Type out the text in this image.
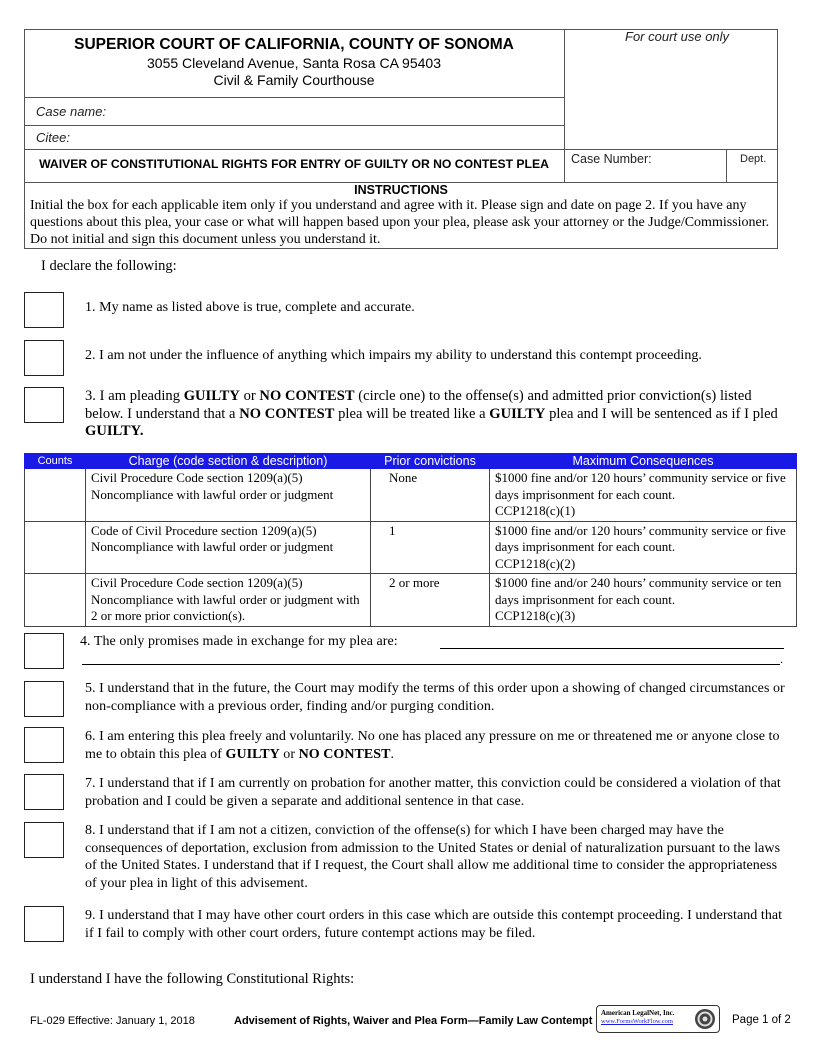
SUPERIOR COURT OF CALIFORNIA, COUNTY OF SONOMA
3055 Cleveland Avenue, Santa Rosa CA 95403
Civil & Family Courthouse
For court use only
Case name:
Citee:
WAIVER OF CONSTITUTIONAL RIGHTS FOR ENTRY OF GUILTY OR NO CONTEST PLEA	Case Number:	Dept.
INSTRUCTIONS
Initial the box for each applicable item only if you understand and agree with it. Please sign and date on page 2. If you have any questions about this plea, your case or what will happen based upon your plea, please ask your attorney or the Judge/Commissioner. Do not initial and sign this document unless you understand it.
I declare the following:
1. My name as listed above is true, complete and accurate.
2. I am not under the influence of anything which impairs my ability to understand this contempt proceeding.
3. I am pleading GUILTY or NO CONTEST (circle one) to the offense(s) and admitted prior conviction(s) listed below. I understand that a NO CONTEST plea will be treated like a GUILTY plea and I will be sentenced as if I pled GUILTY.
Counts	Charge (code section & description)	Prior convictions	Maximum Consequences
	Civil Procedure Code section 1209(a)(5)
Noncompliance with lawful order or judgment	None	$1000 fine and/or 120 hours’ community service or five days imprisonment for each count.
CCP1218(c)(1)
	Code of Civil Procedure section 1209(a)(5)
Noncompliance with lawful order or judgment	1	$1000 fine and/or 120 hours’ community service or five days imprisonment for each count.
CCP1218(c)(2)
	Civil Procedure Code section 1209(a)(5)
Noncompliance with lawful order or judgment with 2 or more prior conviction(s).	2 or more	$1000 fine and/or 240 hours’ community service or ten days imprisonment for each count.
CCP1218(c)(3)
4. The only promises made in exchange for my plea are:
.
5. I understand that in the future, the Court may modify the terms of this order upon a showing of changed circumstances or non-compliance with a previous order, finding and/or purging condition.
6. I am entering this plea freely and voluntarily. No one has placed any pressure on me or threatened me or anyone close to me to obtain this plea of GUILTY or NO CONTEST.
7. I understand that if I am currently on probation for another matter, this conviction could be considered a violation of that probation and I could be given a separate and additional sentence in that case.
8. I understand that if I am not a citizen, conviction of the offense(s) for which I have been charged may have the consequences of deportation, exclusion from admission to the United States or denial of naturalization pursuant to the laws of the United States. I understand that if I request, the Court shall allow me additional time to consider the appropriateness of your plea in light of this advisement.
9. I understand that I may have other court orders in this case which are outside this contempt proceeding. I understand that if I fail to comply with other court orders, future contempt actions may be filed.
I understand I have the following Constitutional Rights:
FL-029 Effective: January 1, 2018	Advisement of Rights, Waiver and Plea Form—Family Law Contempt
American LegalNet, Inc.
www.FormsWorkFlow.com	Page 1 of 2
